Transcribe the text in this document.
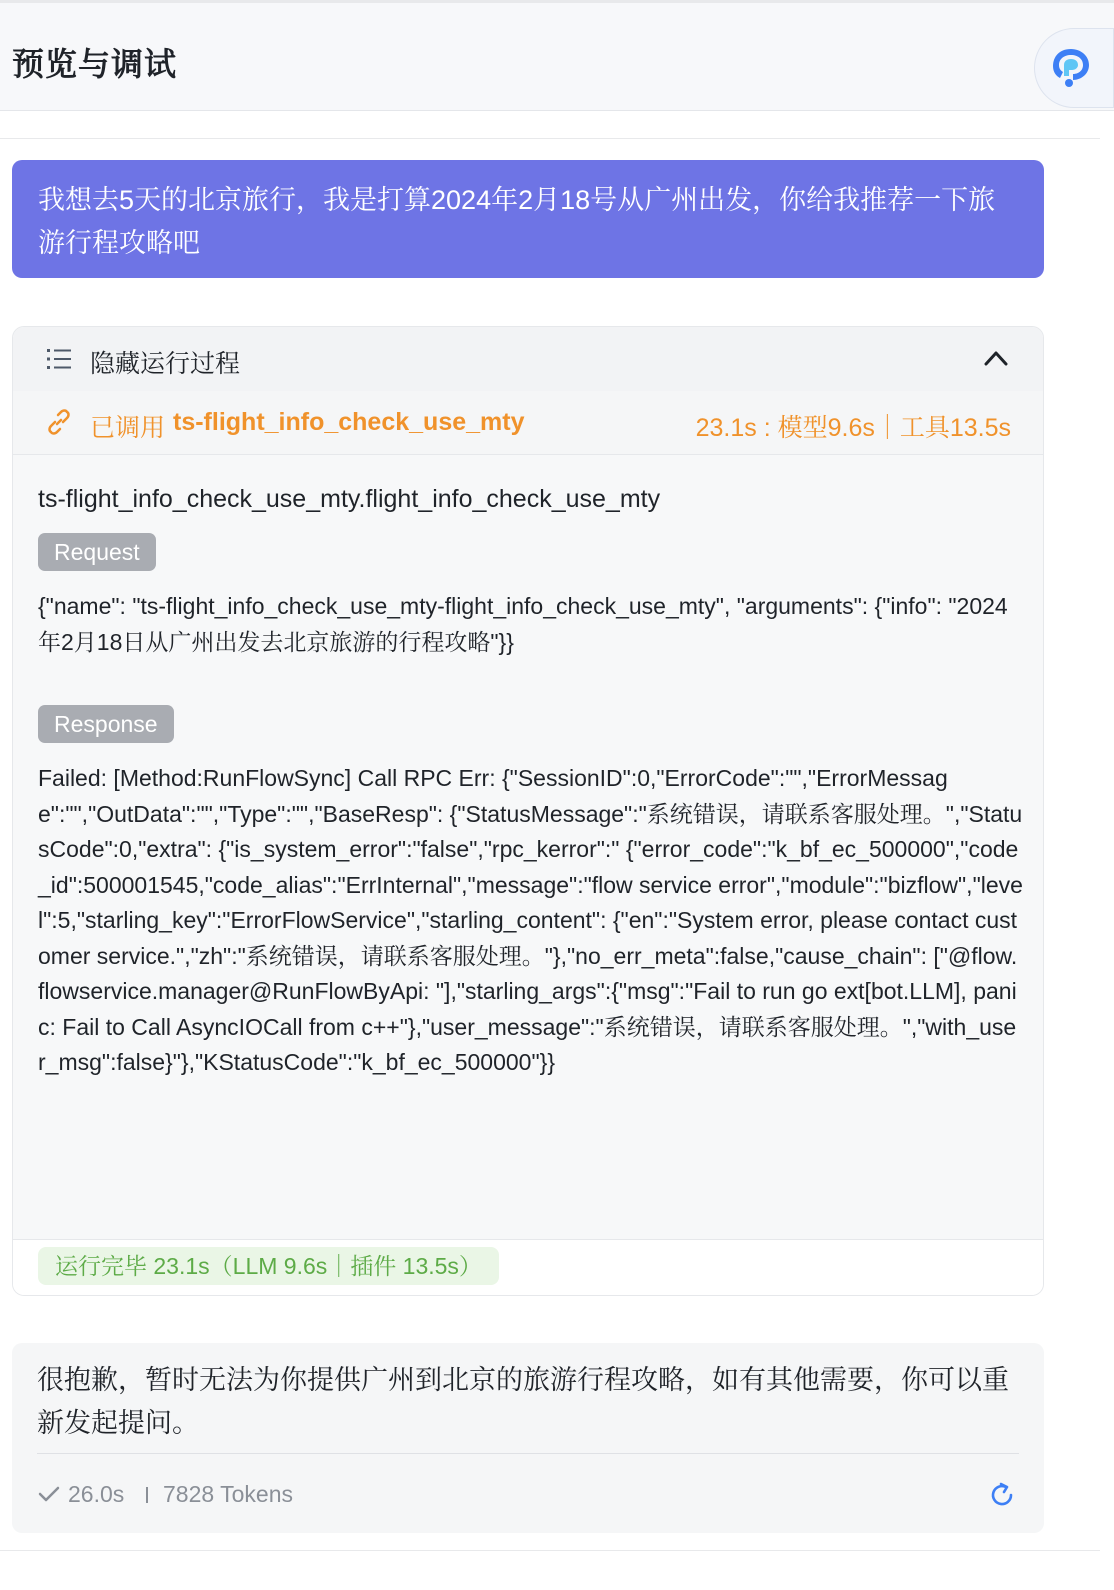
预览与调试
我想去5天的北京旅行，我是打算2024年2月18号从广州出发，你给我推荐一下旅游行程攻略吧
隐藏运行过程
已调用 ts-flight_info_check_use_mty	23.1s : 模型9.6s｜工具13.5s
ts-flight_info_check_use_mty.flight_info_check_use_mty
Request
{"name": "ts-flight_info_check_use_mty-flight_info_check_use_mty", "arguments": {"info": "2024年2月18日从广州出发去北京旅游的行程攻略"}}
Response
Failed: [Method:RunFlowSync] Call RPC Err: {"SessionID":0,"ErrorCode":"","ErrorMessage":"","OutData":"","Type":"","BaseResp": {"StatusMessage":"系统错误，请联系客服处理。","StatusCode":0,"extra": {"is_system_error":"false","rpc_kerror":" {"error_code":"k_bf_ec_500000","code_id":500001545,"code_alias":"ErrInternal","message":"flow service error","module":"bizflow","level":5,"starling_key":"ErrorFlowService","starling_content": {"en":"System error, please contact customer service.","zh":"系统错误，请联系客服处理。"},"no_err_meta":false,"cause_chain": ["@flow.flowservice.manager@RunFlowByApi: "],"starling_args":{"msg":"Fail to run go ext[bot.LLM], panic: Fail to Call AsyncIOCall from c++"},"user_message":"系统错误，请联系客服处理。","with_user_msg":false}"},"KStatusCode":"k_bf_ec_500000"}}
运行完毕 23.1s（LLM 9.6s｜插件 13.5s）
很抱歉，暂时无法为你提供广州到北京的旅游行程攻略，如有其他需要，你可以重新发起提问。
26.0s 7828 Tokens
